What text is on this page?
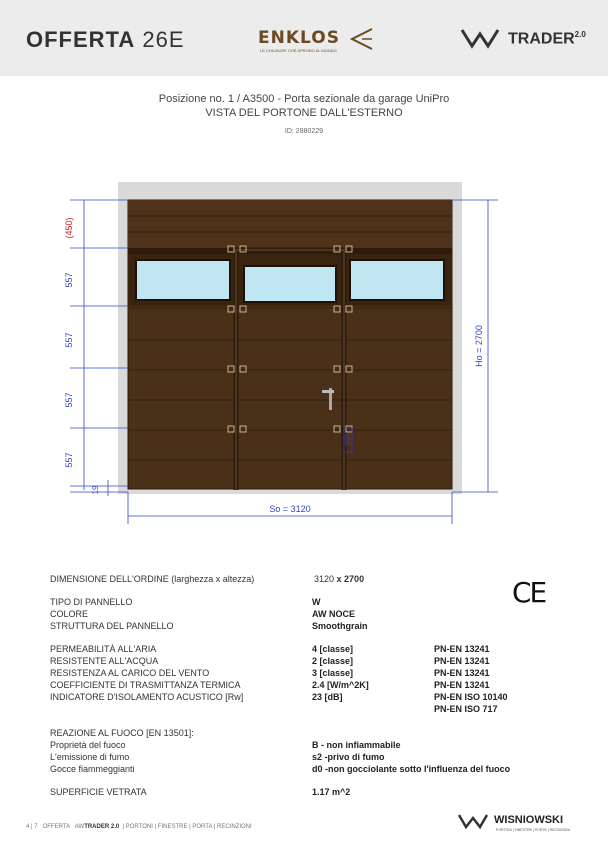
OFFERTA 26E	ENKLOS
LE CHIUSURE CHE APRONO AL MONDO
$TRADER^{2.0}$
Posizione no. 1 / A3500 - Porta sezionale da garage UniPro
VISTA DEL PORTONE DALL'ESTERNO
ID: 2880229
(450)
557
557
557
557
19
Ho = 2700
So = 3120
960
DIMENSIONE DELL'ORDINE (larghezza x altezza)	3120 x 2700
TIPO DI PANNELLO	W
COLORE	AW NOCE
STRUTTURA DEL PANNELLO	Smoothgrain
PERMEABILITÀ ALL'ARIA	4 [classe]	PN-EN 13241
RESISTENTE ALL'ACQUA	2 [classe]	PN-EN 13241
RESISTENZA AL CARICO DEL VENTO	3 [classe]	PN-EN 13241
COEFFICIENTE DI TRASMITTANZA TERMICA	2.4 [W/m^2K]	PN-EN 13241
INDICATORE D'ISOLAMENTO ACUSTICO [Rw]	23 [dB]	PN-EN ISO 10140
PN-EN ISO 717
REAZIONE AL FUOCO [EN 13501]:
Proprietà del fuoco	B - non infiammabile
L'emissione di fumo	s2 -privo di fumo
Gocce fiammeggianti	d0 -non gocciolante sotto l'influenza del fuoco
SUPERFICIE VETRATA	1.17 m^2
CE
4 | 7 OFFERTA AWTRADER 2.0  | PORTONI | FINESTRE | PORTA | RECINZIONI
WISNIOWSKI
PORTONI | FINESTRE | PORTE | RECINZIONI
